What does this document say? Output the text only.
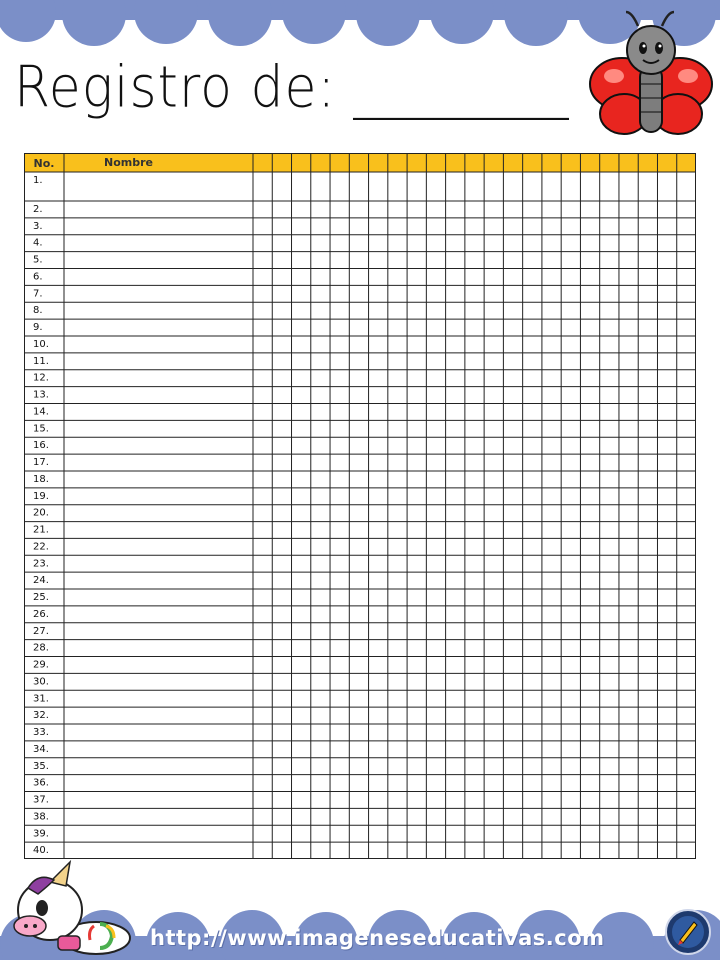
Registro de: ________
No.	Nombre
1.
2.
3.
4.
5.
6.
7.
8.
9.
10.
11.
12.
13.
14.
15.
16.
17.
18.
19.
20.
21.
22.
23.
24.
25.
26.
27.
28.
29.
30.
31.
32.
33.
34.
35.
36.
37.
38.
39.
40.
http://www.imageneseducativas.com
